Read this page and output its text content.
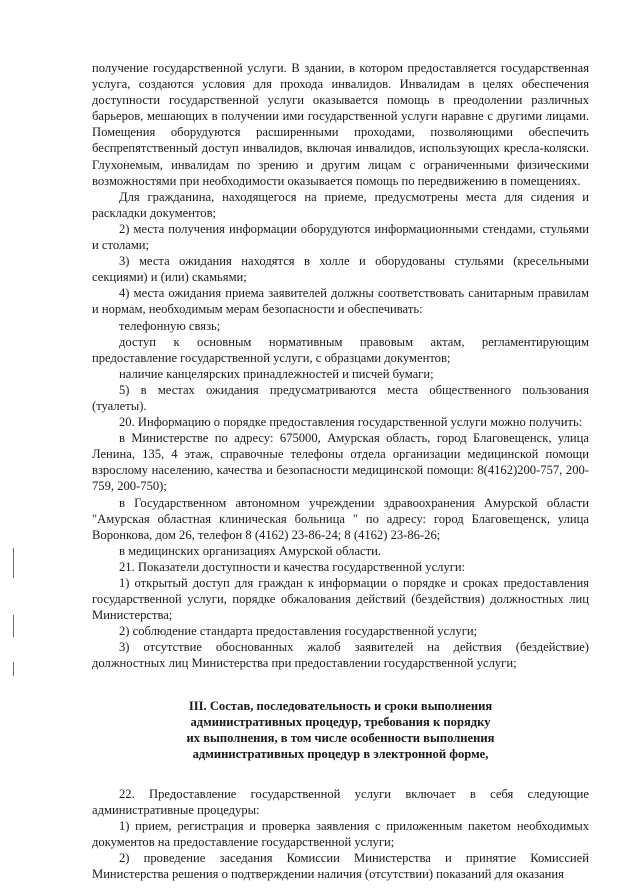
получение государственной услуги. В здании, в котором предоставляется государственная услуга, создаются условия для прохода инвалидов. Инвалидам в целях обеспечения доступности государственной услуги оказывается помощь в преодолении различных барьеров, мешающих в получении ими государственной услуги наравне с другими лицами. Помещения оборудуются расширенными проходами, позволяющими обеспечить беспрепятственный доступ инвалидов, включая инвалидов, использующих кресла-коляски. Глухонемым, инвалидам по зрению и другим лицам с ограниченными физическими возможностями при необходимости оказывается помощь по передвижению в помещениях.

Для гражданина, находящегося на приеме, предусмотрены места для сидения и раскладки документов;

2) места получения информации оборудуются информационными стендами, стульями и столами;

3) места ожидания находятся в холле и оборудованы стульями (кресельными секциями) и (или) скамьями;

4) места ожидания приема заявителей должны соответствовать санитарным правилам и нормам, необходимым мерам безопасности и обеспечивать:

телефонную связь;

доступ к основным нормативным правовым актам, регламентирующим предоставление государственной услуги, с образцами документов;

наличие канцелярских принадлежностей и писчей бумаги;

5) в местах ожидания предусматриваются места общественного пользования (туалеты).

20. Информацию о порядке предоставления государственной услуги можно получить:

в Министерстве по адресу: 675000, Амурская область, город Благовещенск, улица Ленина, 135, 4 этаж, справочные телефоны отдела организации медицинской помощи взрослому населению, качества и безопасности медицинской помощи: 8(4162)200-757, 200-759, 200-750);

в Государственном автономном учреждении здравоохранения Амурской области "Амурская областная клиническая больница " по адресу: город Благовещенск, улица Воронкова, дом 26, телефон 8 (4162) 23-86-24; 8 (4162) 23-86-26;

в медицинских организациях Амурской области.

21. Показатели доступности и качества государственной услуги:

1) открытый доступ для граждан к информации о порядке и сроках предоставления государственной услуги, порядке обжалования действий (бездействия) должностных лиц Министерства;

2) соблюдение стандарта предоставления государственной услуги;

3) отсутствие обоснованных жалоб заявителей на действия (бездействие) должностных лиц Министерства при предоставлении государственной услуги;

III. Состав, последовательность и сроки выполнения
административных процедур, требования к порядку
их выполнения, в том числе особенности выполнения
административных процедур в электронной форме,

22. Предоставление государственной услуги включает в себя следующие административные процедуры:

1) прием, регистрация и проверка заявления с приложенным пакетом необходимых документов на предоставление государственной услуги;

2) проведение заседания Комиссии Министерства и принятие Комиссией Министерства решения о подтверждении наличия (отсутствии) показаний для оказания
